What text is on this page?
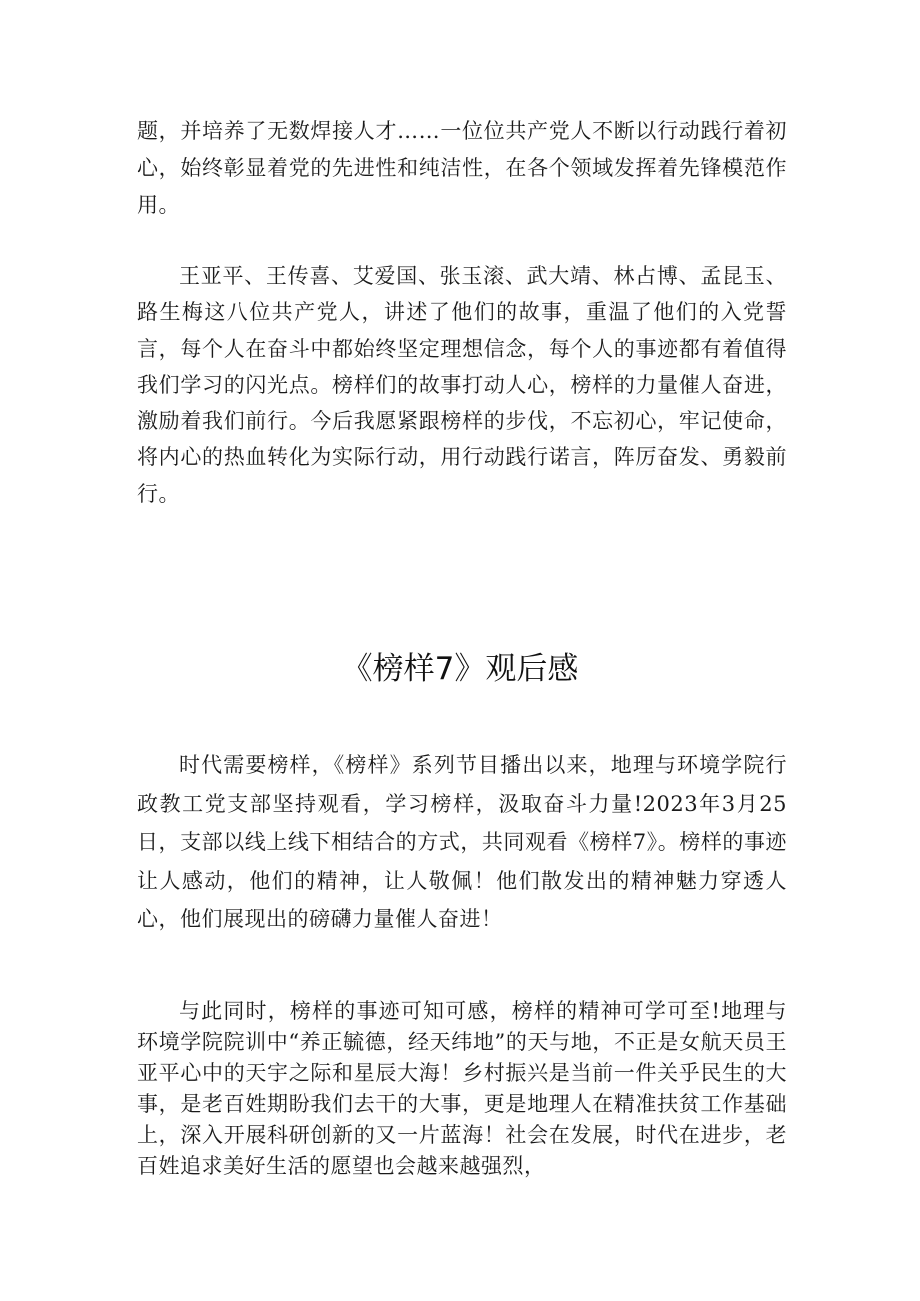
题，并培养了无数焊接人才……一位位共产党人不断以行动践行着初心，始终彰显着党的先进性和纯洁性，在各个领域发挥着先锋模范作用。

王亚平、王传喜、艾爱国、张玉滚、武大靖、林占博、孟昆玉、路生梅这八位共产党人，讲述了他们的故事，重温了他们的入党誓言，每个人在奋斗中都始终坚定理想信念，每个人的事迹都有着值得我们学习的闪光点。榜样们的故事打动人心，榜样的力量催人奋进，激励着我们前行。今后我愿紧跟榜样的步伐，不忘初心，牢记使命，将内心的热血转化为实际行动，用行动践行诺言，阵厉奋发、勇毅前行。

《榜样7》观后感

时代需要榜样，《榜样》系列节目播出以来，地理与环境学院行政教工党支部坚持观看，学习榜样，汲取奋斗力量!2023年3月25日，支部以线上线下相结合的方式，共同观看《榜样7》。榜样的事迹让人感动，他们的精神，让人敬佩！他们散发出的精神魅力穿透人心，他们展现出的磅礴力量催人奋进！

与此同时，榜样的事迹可知可感，榜样的精神可学可至!地理与环境学院院训中“养正毓德，经天纬地”的天与地，不正是女航天员王亚平心中的天宇之际和星辰大海！乡村振兴是当前一件关乎民生的大事，是老百姓期盼我们去干的大事，更是地理人在精准扶贫工作基础上，深入开展科研创新的又一片蓝海！社会在发展，时代在进步，老百姓追求美好生活的愿望也会越来越强烈，
